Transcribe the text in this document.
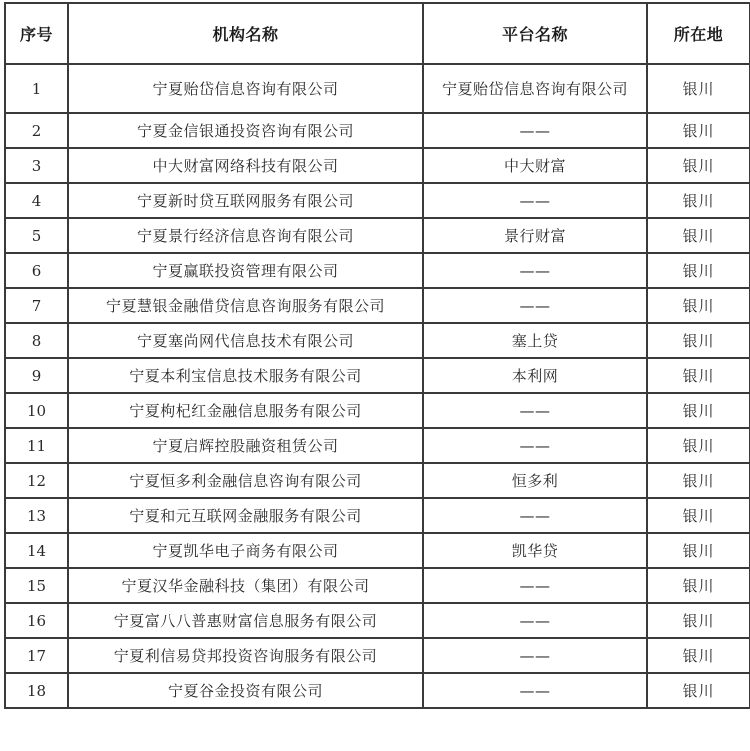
序号	机构名称	平台名称	所在地
1	宁夏贻岱信息咨询有限公司	宁夏贻岱信息咨询有限公司	银川
2	宁夏金信银通投资咨询有限公司	——	银川
3	中大财富网络科技有限公司	中大财富	银川
4	宁夏新时贷互联网服务有限公司	——	银川
5	宁夏景行经济信息咨询有限公司	景行财富	银川
6	宁夏赢联投资管理有限公司	——	银川
7	宁夏慧银金融借贷信息咨询服务有限公司	——	银川
8	宁夏塞尚网代信息技术有限公司	塞上贷	银川
9	宁夏本利宝信息技术服务有限公司	本利网	银川
10	宁夏枸杞红金融信息服务有限公司	——	银川
11	宁夏启辉控股融资租赁公司	——	银川
12	宁夏恒多利金融信息咨询有限公司	恒多利	银川
13	宁夏和元互联网金融服务有限公司	——	银川
14	宁夏凯华电子商务有限公司	凯华贷	银川
15	宁夏汉华金融科技（集团）有限公司	——	银川
16	宁夏富八八普惠财富信息服务有限公司	——	银川
17	宁夏利信易贷邦投资咨询服务有限公司	——	银川
18	宁夏谷金投资有限公司	——	银川
